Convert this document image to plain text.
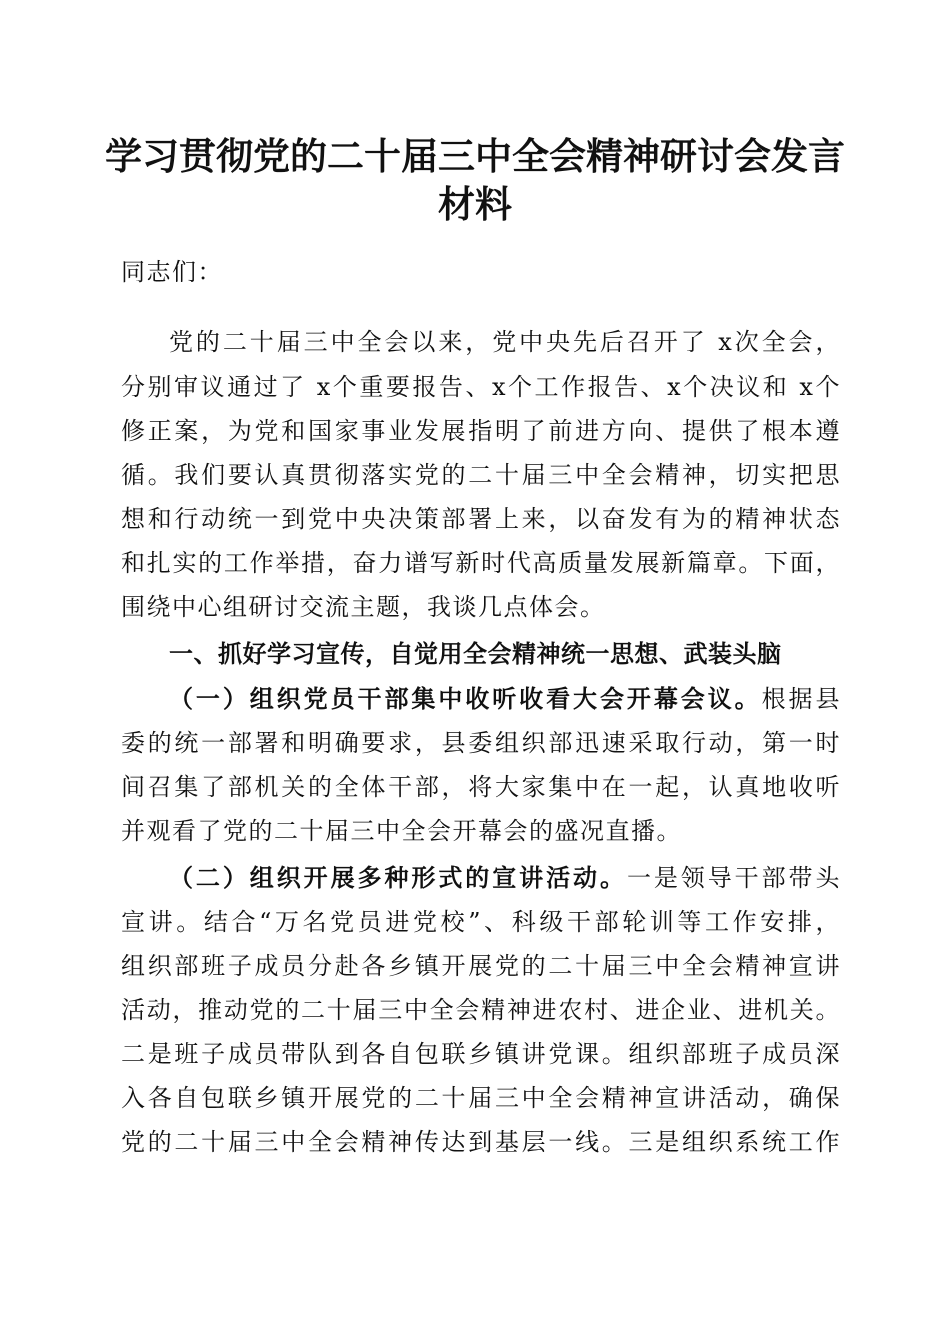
学习贯彻党的二十届三中全会精神研讨会发言
材料
同志们：
党的二十届三中全会以来，党中央先后召开了 x次全会，
分别审议通过了 x个重要报告、x个工作报告、x个决议和 x个
修正案，为党和国家事业发展指明了前进方向、提供了根本遵
循。我们要认真贯彻落实党的二十届三中全会精神，切实把思
想和行动统一到党中央决策部署上来，以奋发有为的精神状态
和扎实的工作举措，奋力谱写新时代高质量发展新篇章。下面，
围绕中心组研讨交流主题，我谈几点体会。
一、抓好学习宣传，自觉用全会精神统一思想、武装头脑
（一）组织党员干部集中收听收看大会开幕会议。根据县
委的统一部署和明确要求，县委组织部迅速采取行动，第一时
间召集了部机关的全体干部，将大家集中在一起，认真地收听
并观看了党的二十届三中全会开幕会的盛况直播。
（二）组织开展多种形式的宣讲活动。一是领导干部带头
宣讲。结合“万名党员进党校”、科级干部轮训等工作安排，
组织部班子成员分赴各乡镇开展党的二十届三中全会精神宣讲
活动，推动党的二十届三中全会精神进农村、进企业、进机关。
二是班子成员带队到各自包联乡镇讲党课。组织部班子成员深
入各自包联乡镇开展党的二十届三中全会精神宣讲活动，确保
党的二十届三中全会精神传达到基层一线。三是组织系统工作
